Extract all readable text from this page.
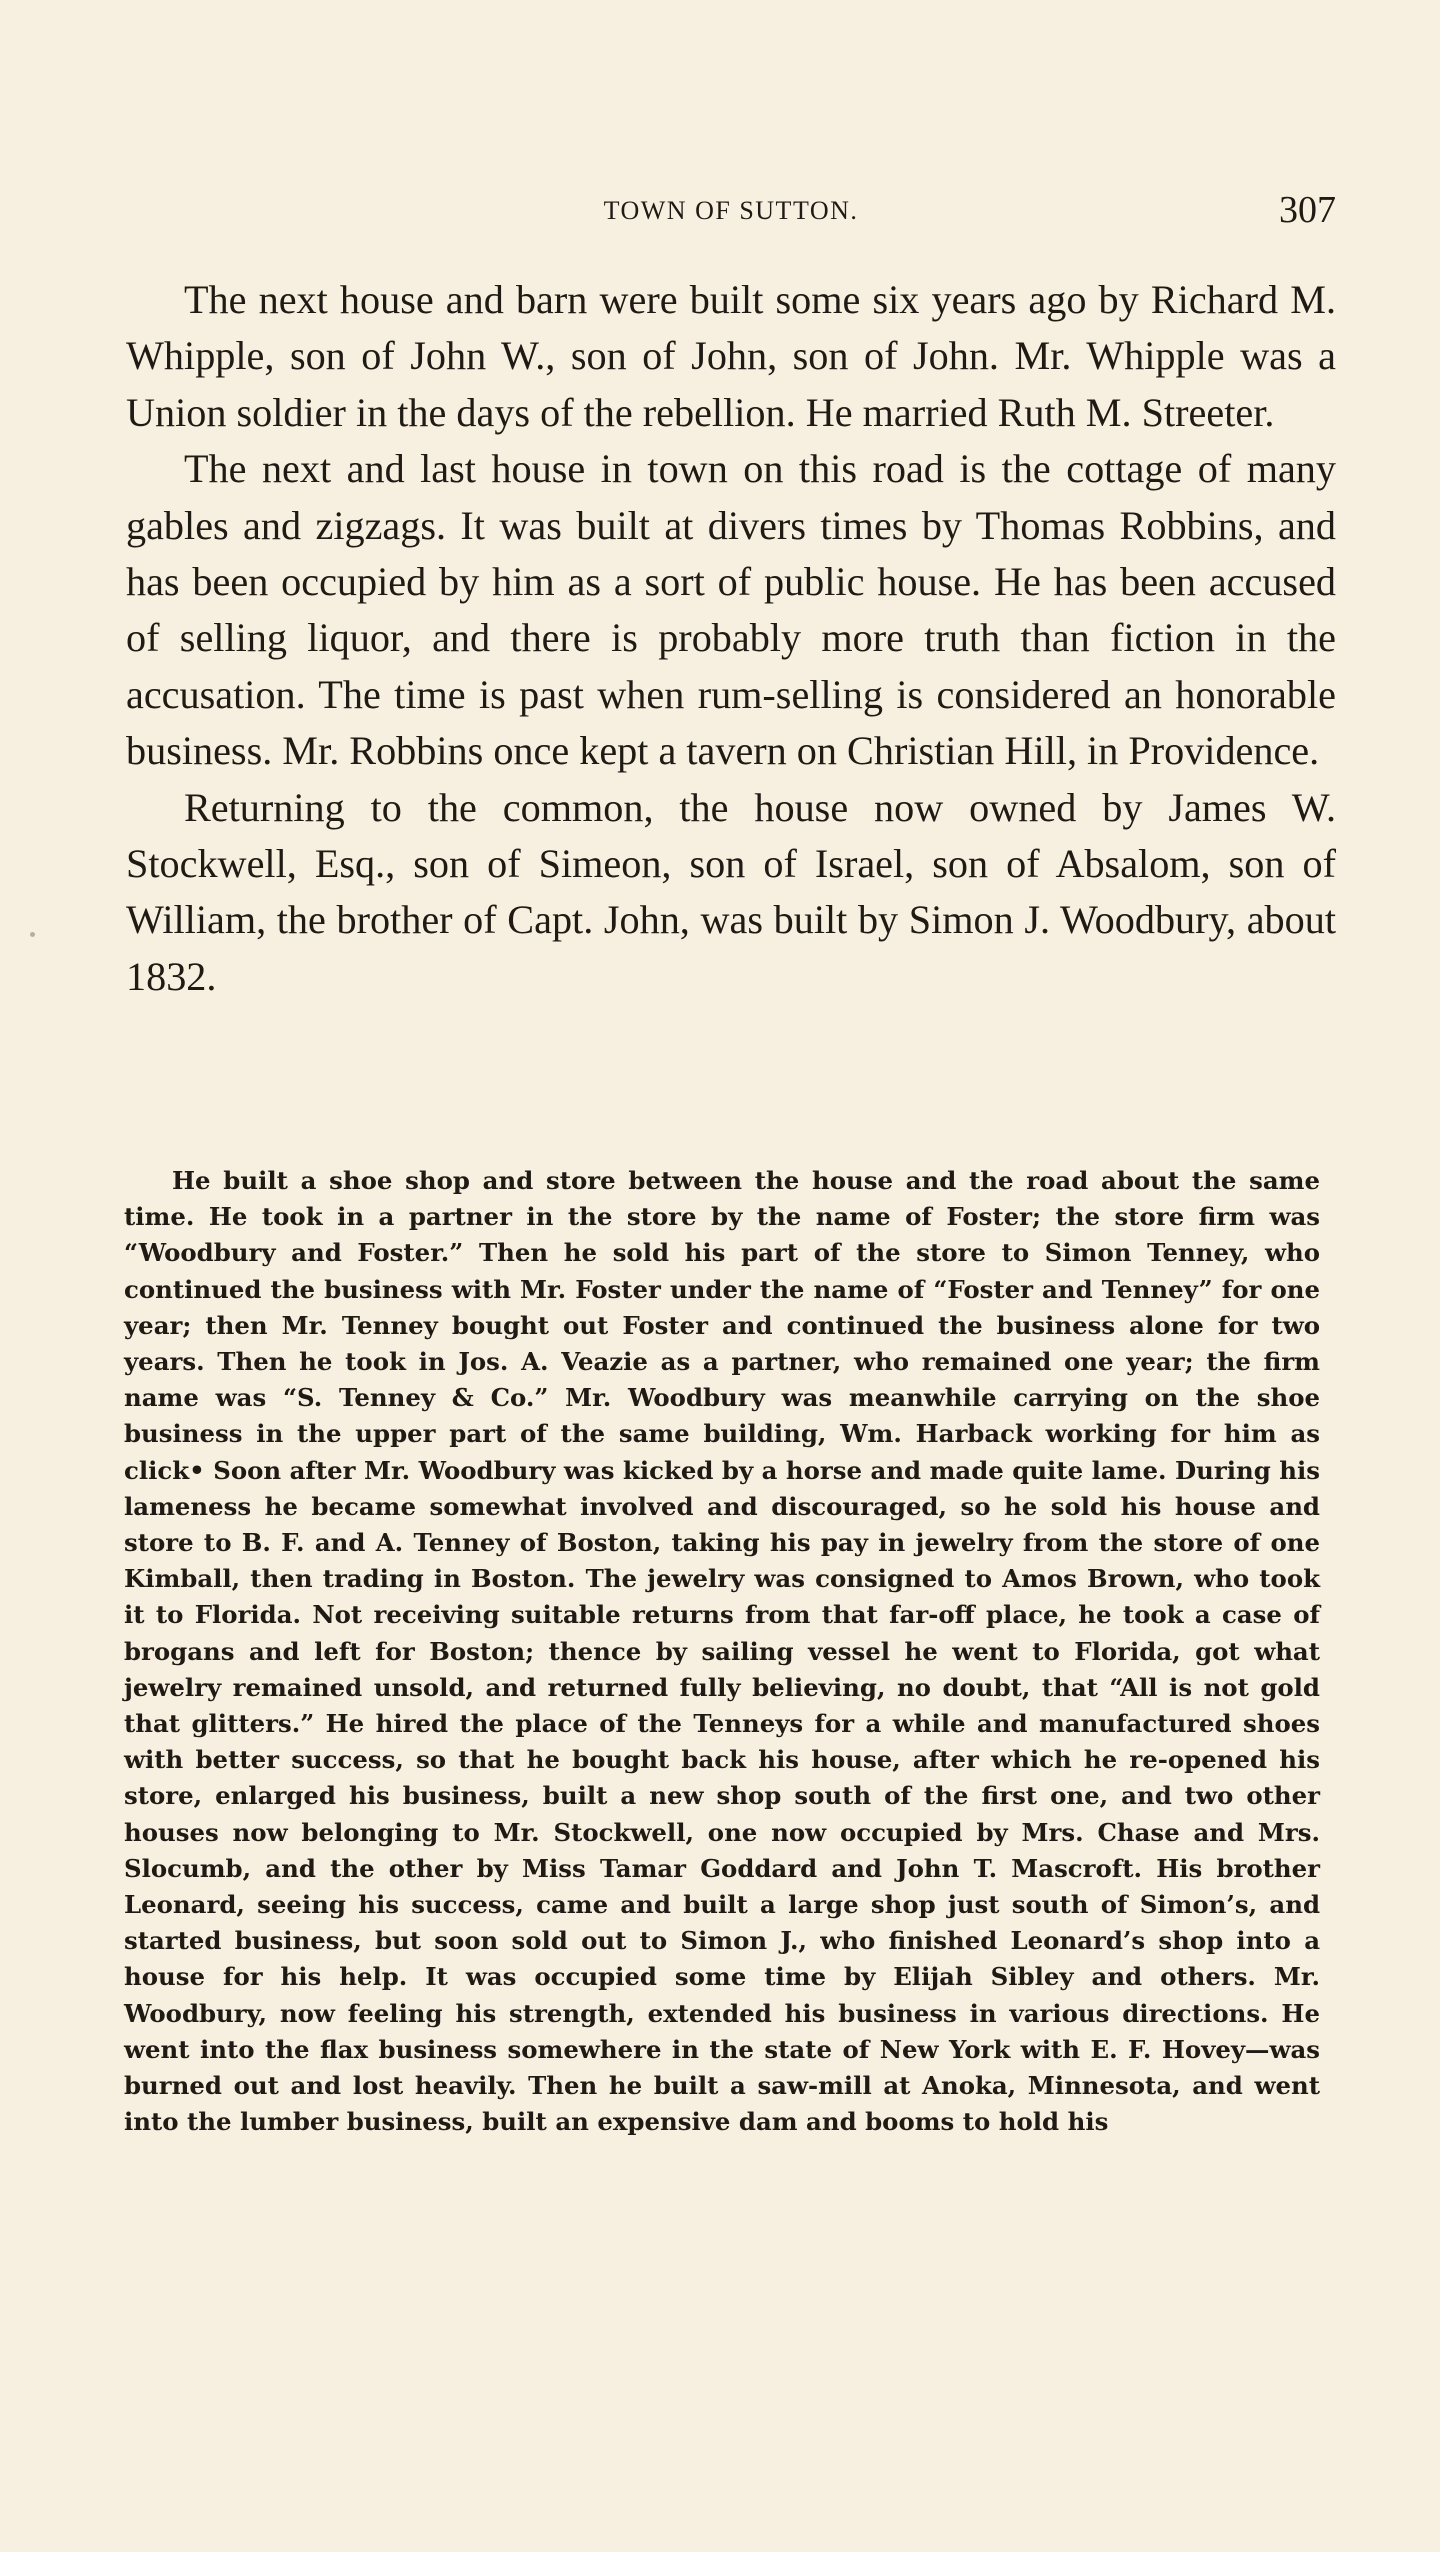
TOWN OF SUTTON.	307

The next house and barn were built some six years ago by Richard M. Whipple, son of John W., son of John, son of John. Mr. Whipple was a Union soldier in the days of the rebellion. He married Ruth M. Streeter.

The next and last house in town on this road is the cottage of many gables and zigzags. It was built at divers times by Thomas Robbins, and has been occupied by him as a sort of public house. He has been accused of selling liquor, and there is probably more truth than fiction in the accusation. The time is past when rum-selling is considered an honorable business. Mr. Robbins once kept a tavern on Christian Hill, in Providence.

Returning to the common, the house now owned by James W. Stockwell, Esq., son of Simeon, son of Israel, son of Absalom, son of William, the brother of Capt. John, was built by Simon J. Woodbury, about 1832.

He built a shoe shop and store between the house and the road about the same time. He took in a partner in the store by the name of Foster; the store firm was “Woodbury and Foster.” Then he sold his part of the store to Simon Tenney, who continued the business with Mr. Foster under the name of “Foster and Tenney” for one year; then Mr. Tenney bought out Foster and continued the business alone for two years. Then he took in Jos. A. Veazie as a partner, who remained one year; the firm name was “S. Tenney & Co.” Mr. Woodbury was meanwhile carrying on the shoe business in the upper part of the same building, Wm. Harback working for him as click• Soon after Mr. Woodbury was kicked by a horse and made quite lame. During his lameness he became somewhat involved and discouraged, so he sold his house and store to B. F. and A. Tenney of Boston, taking his pay in jewelry from the store of one Kimball, then trading in Boston. The jewelry was consigned to Amos Brown, who took it to Florida. Not receiving suitable returns from that far-off place, he took a case of brogans and left for Boston; thence by sailing vessel he went to Florida, got what jewelry remained unsold, and returned fully believing, no doubt, that “All is not gold that glitters.” He hired the place of the Tenneys for a while and manufactured shoes with better success, so that he bought back his house, after which he re-opened his store, enlarged his business, built a new shop south of the first one, and two other houses now belonging to Mr. Stockwell, one now occupied by Mrs. Chase and Mrs. Slocumb, and the other by Miss Tamar Goddard and John T. Mascroft. His brother Leonard, seeing his success, came and built a large shop just south of Simon’s, and started business, but soon sold out to Simon J., who finished Leonard’s shop into a house for his help. It was occupied some time by Elijah Sibley and others. Mr. Woodbury, now feeling his strength, extended his business in various directions. He went into the flax business somewhere in the state of New York with E. F. Hovey—was burned out and lost heavily. Then he built a saw-mill at Anoka, Minnesota, and went into the lumber business, built an expensive dam and booms to hold his
